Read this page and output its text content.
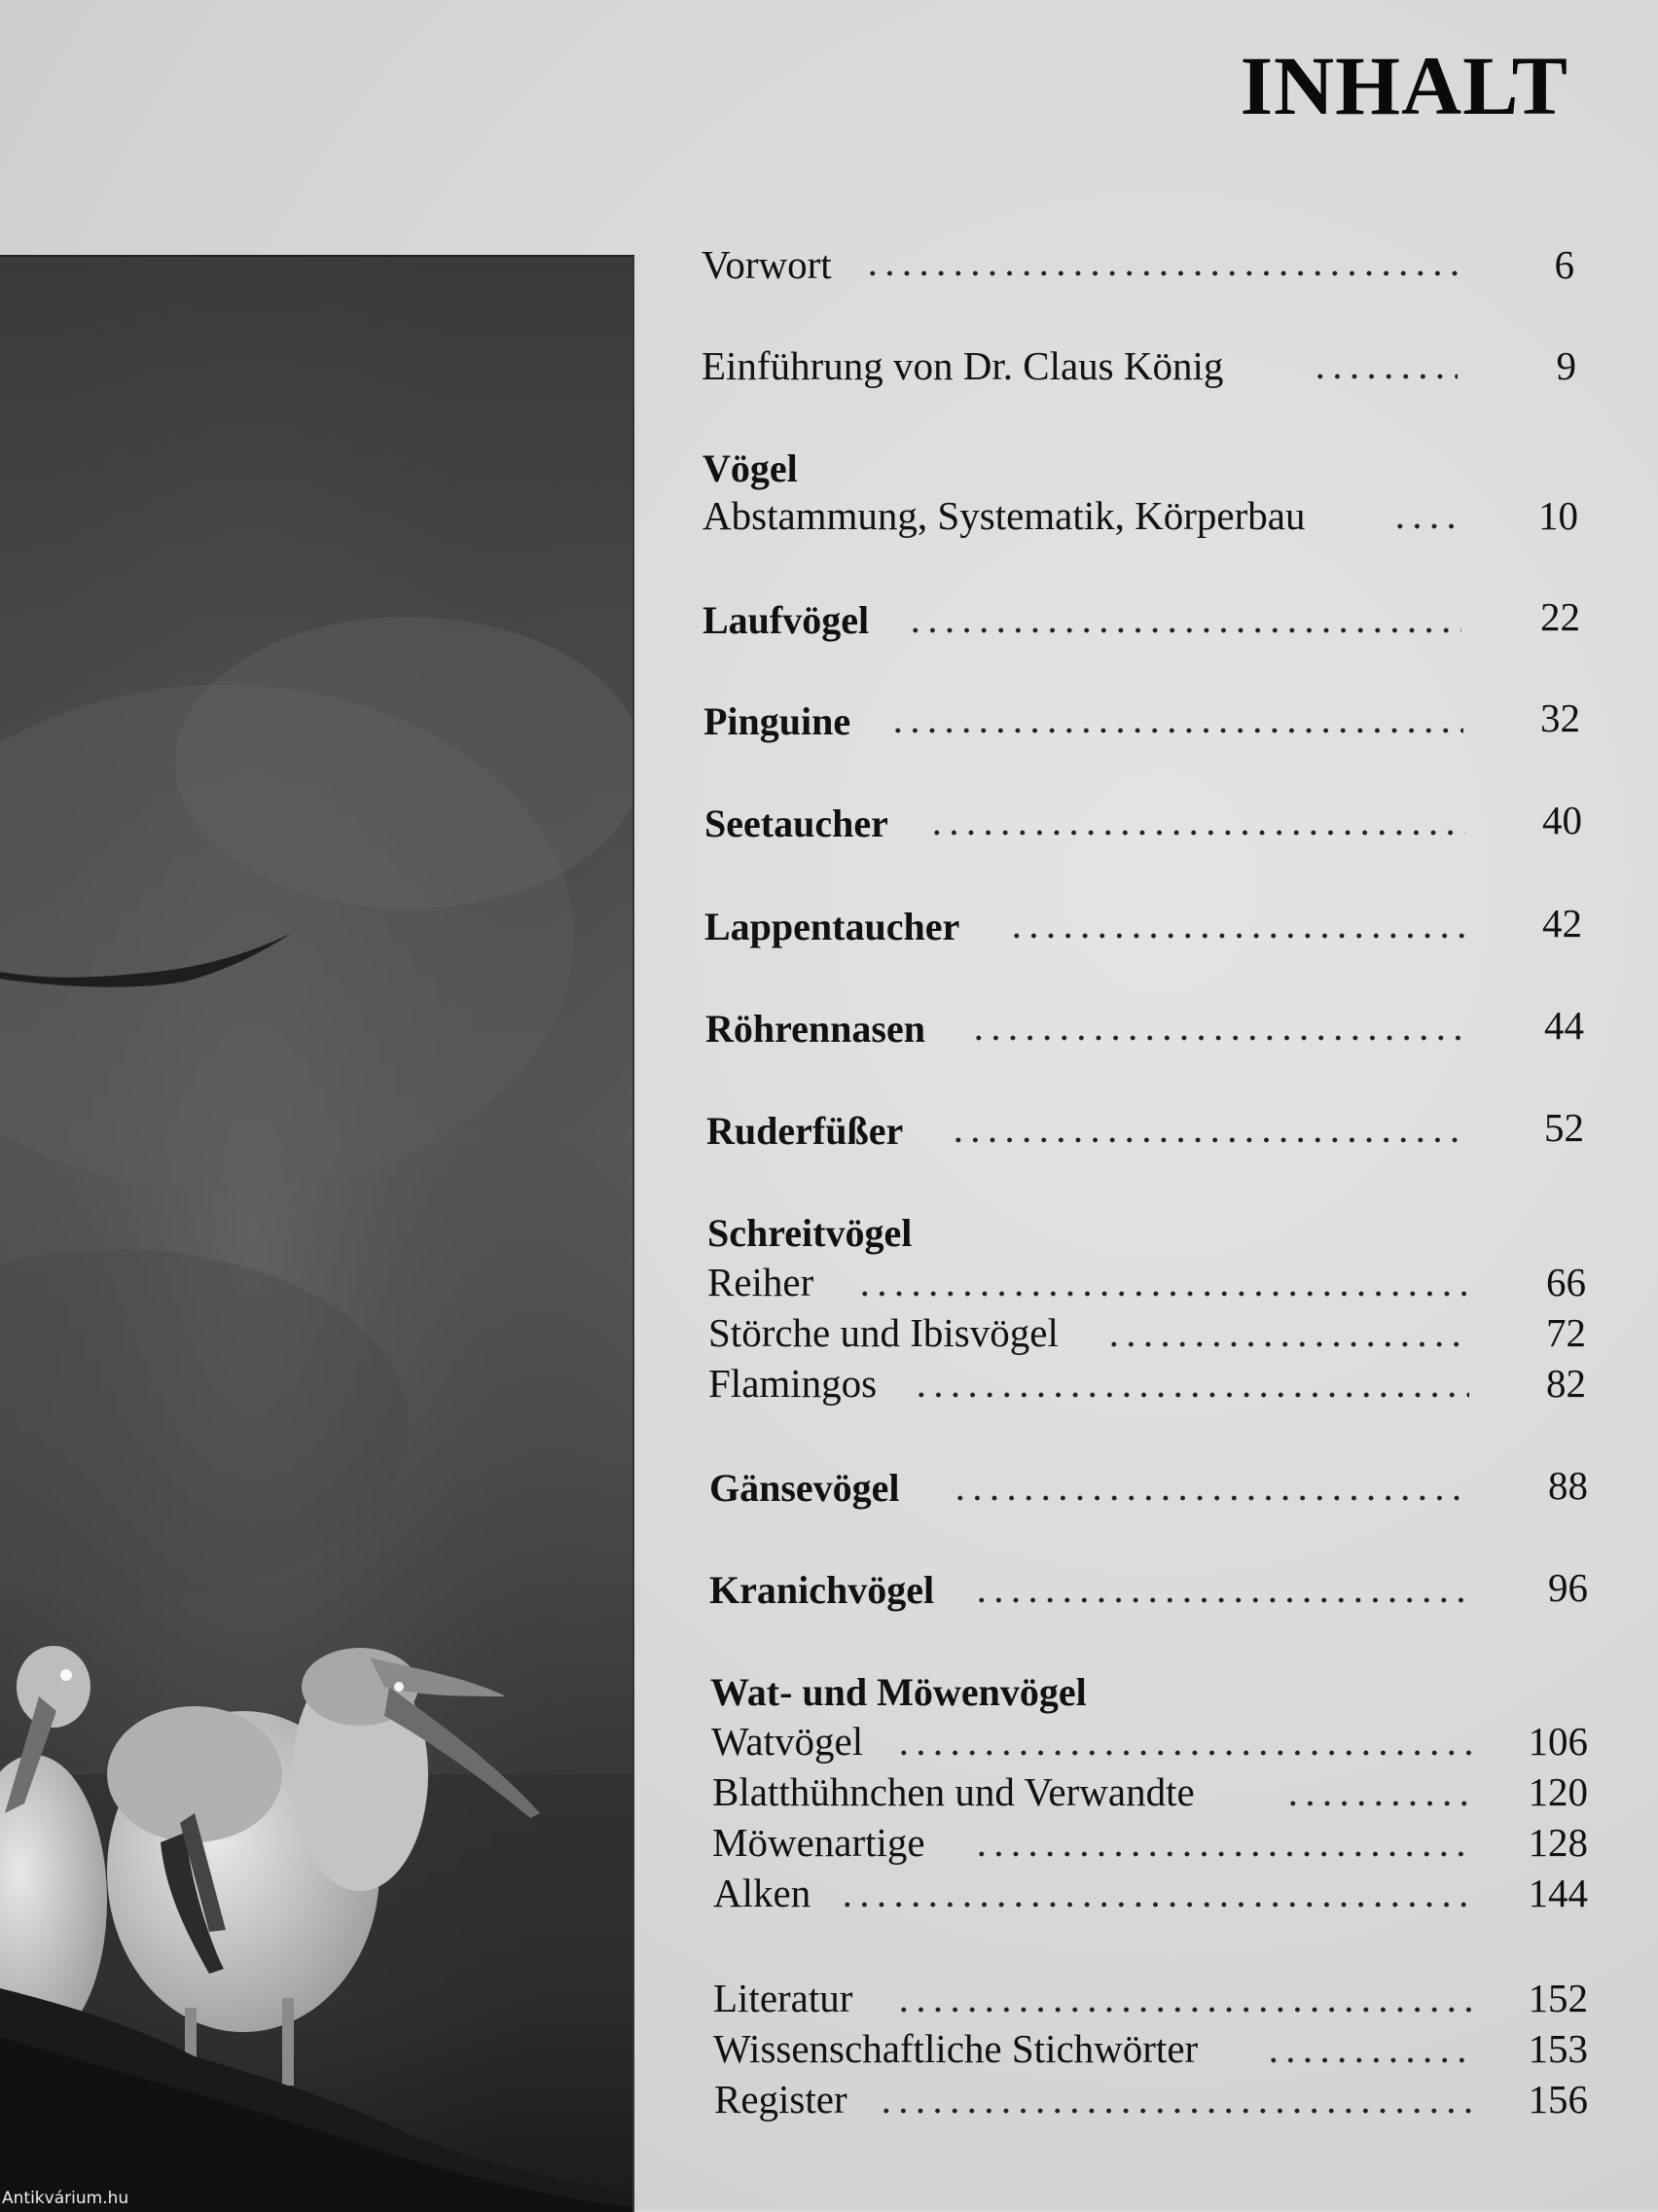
INHALT
Vorwort	6
Einführung von Dr. Claus König	9
Vögel
Abstammung, Systematik, Körperbau	10
Laufvögel	22
Pinguine	32
Seetaucher	40
Lappentaucher	42
Röhrennasen	44
Ruderfüßer	52
Schreitvögel
Reiher	66
Störche und Ibisvögel	72
Flamingos	82
Gänsevögel	88
Kranichvögel	96
Wat- und Möwenvögel
Watvögel	106
Blatthühnchen und Verwandte	120
Möwenartige	128
Alken	144
Literatur	152
Wissenschaftliche Stichwörter	153
Register	156
Antikvárium.hu
